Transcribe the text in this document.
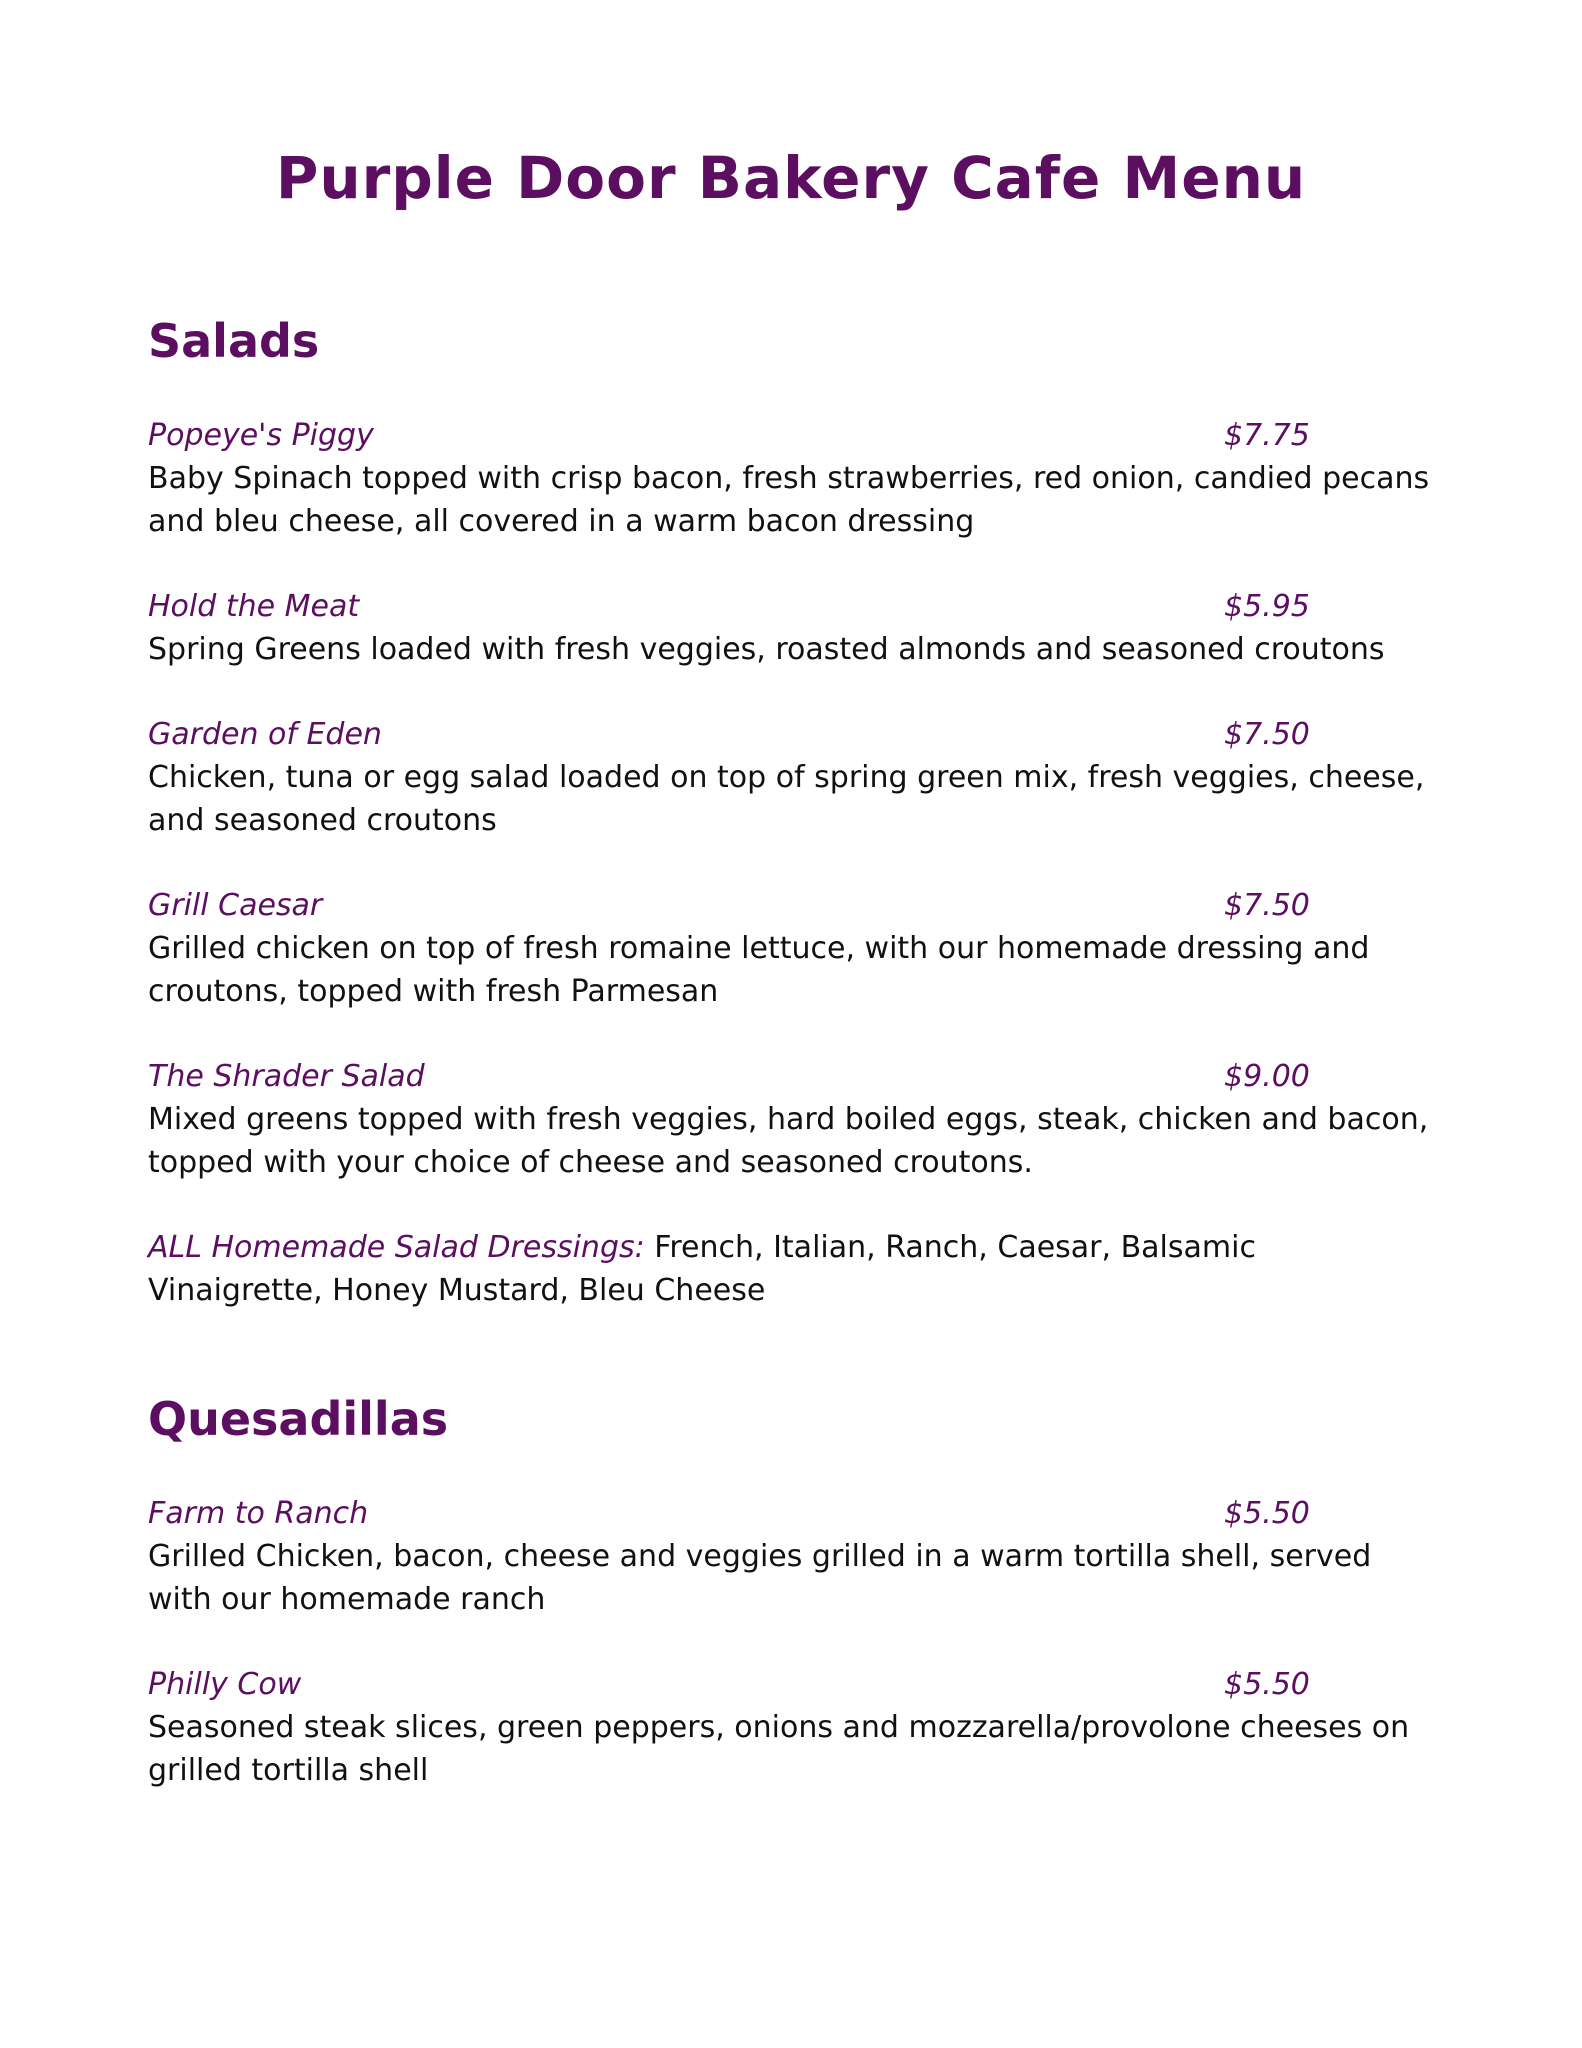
Purple Door Bakery Cafe Menu
Salads
Popeye's Piggy	$7.75
Baby Spinach topped with crisp bacon, fresh strawberries, red onion, candied pecans and bleu cheese, all covered in a warm bacon dressing
Hold the Meat	$5.95
Spring Greens loaded with fresh veggies, roasted almonds and seasoned croutons
Garden of Eden	$7.50
Chicken, tuna or egg salad loaded on top of spring green mix, fresh veggies, cheese, and seasoned croutons
Grill Caesar	$7.50
Grilled chicken on top of fresh romaine lettuce, with our homemade dressing and croutons, topped with fresh Parmesan
The Shrader Salad	$9.00
Mixed greens topped with fresh veggies, hard boiled eggs, steak, chicken and bacon, topped with your choice of cheese and seasoned croutons.
ALL Homemade Salad Dressings: French, Italian, Ranch, Caesar, Balsamic Vinaigrette, Honey Mustard, Bleu Cheese
Quesadillas
Farm to Ranch	$5.50
Grilled Chicken, bacon, cheese and veggies grilled in a warm tortilla shell, served with our homemade ranch
Philly Cow	$5.50
Seasoned steak slices, green peppers, onions and mozzarella/provolone cheeses on grilled tortilla shell
